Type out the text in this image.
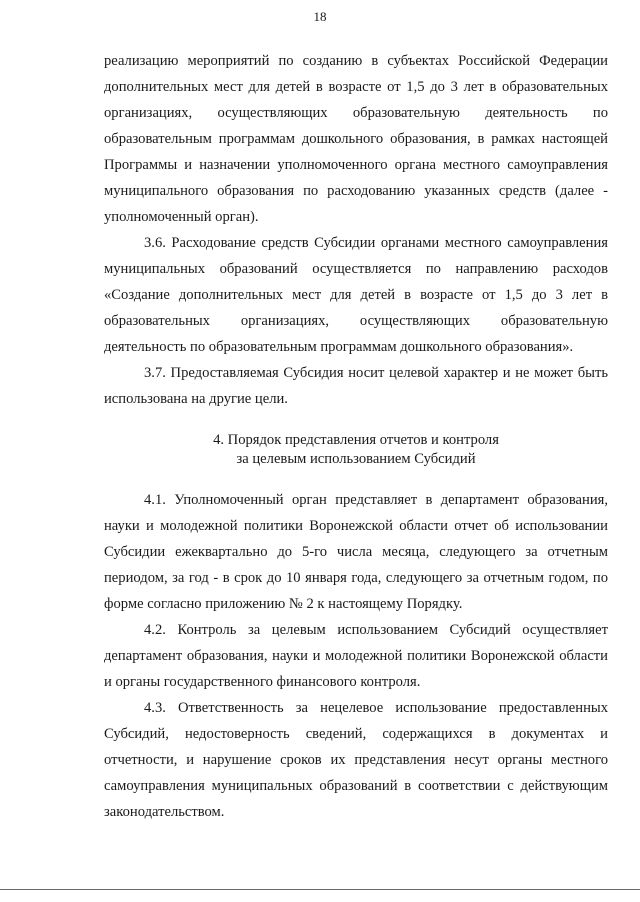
18

реализацию мероприятий по созданию в субъектах Российской Федерации дополнительных мест для детей в возрасте от 1,5 до 3 лет в образовательных организациях, осуществляющих образовательную деятельность по образовательным программам дошкольного образования, в рамках настоящей Программы и назначении уполномоченного органа местного самоуправления муниципального образования по расходованию указанных средств (далее - уполномоченный орган).

3.6. Расходование средств Субсидии органами местного самоуправления муниципальных образований осуществляется по направлению расходов «Создание дополнительных мест для детей в возрасте от 1,5 до 3 лет в образовательных организациях, осуществляющих образовательную деятельность по образовательным программам дошкольного образования».

3.7. Предоставляемая Субсидия носит целевой характер и не может быть использована на другие цели.

4. Порядок представления отчетов и контроля
за целевым использованием Субсидий

4.1. Уполномоченный орган представляет в департамент образования, науки и молодежной политики Воронежской области отчет об использовании Субсидии ежеквартально до 5-го числа месяца, следующего за отчетным периодом, за год - в срок до 10 января года, следующего за отчетным годом, по форме согласно приложению № 2 к настоящему Порядку.

4.2. Контроль за целевым использованием Субсидий осуществляет департамент образования, науки и молодежной политики Воронежской области и органы государственного финансового контроля.

4.3. Ответственность за нецелевое использование предоставленных Субсидий, недостоверность сведений, содержащихся в документах и отчетности, и нарушение сроков их представления несут органы местного самоуправления муниципальных образований в соответствии с действующим законодательством.
